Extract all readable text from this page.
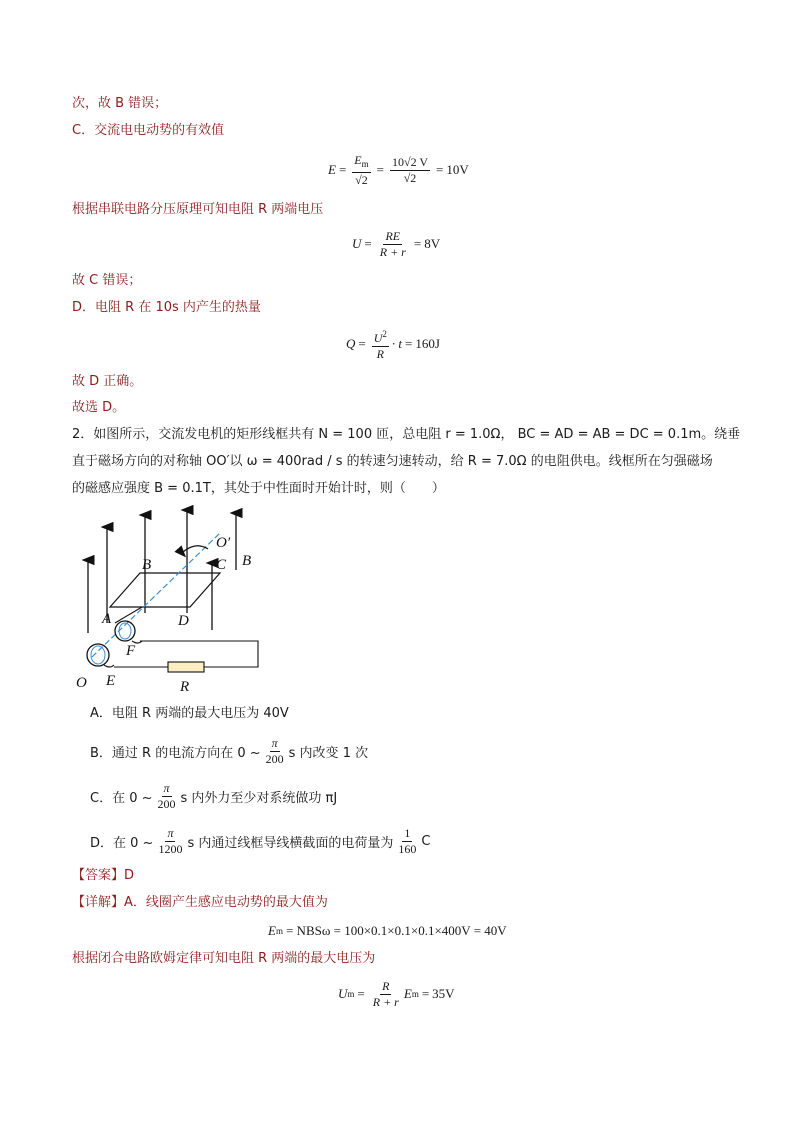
次，故 B 错误；
C．交流电电动势的有效值
$E = \frac{E_m}{√2} = \frac{10√2 V}{√2} = 10V$
根据串联电路分压原理可知电阻 R 两端电压
$U = \frac{RE}{R + r} = 8V$
故 C 错误；
D．电阻 R 在 10s 内产生的热量
$Q = \frac{U^2}{R} \cdot t = 160J$
故 D 正确。
故选 D。
2．如图所示，交流发电机的矩形线框共有 N = 100 匝，总电阻 r = 1.0Ω， BC = AD = AB = DC = 0.1m。绕垂
直于磁场方向的对称轴 OO′以 ω = 400rad / s 的转速匀速转动，给 R = 7.0Ω 的电阻供电。线框所在匀强磁场
的磁感应强度 B = 0.1T，其处于中性面时开始计时，则（　　）
B	B
C
O′
A	D
F
O E	R
A．电阻 R 两端的最大电压为 40V
B．通过 R 的电流方向在 0 ~ $\frac{\pi}{200}$ s 内改变 1 次
C．在 0 ~ $\frac{\pi}{200}$ s 内外力至少对系统做功 πJ
D．在 0 ~ $\frac{\pi}{1200}$ s 内通过线框导线横截面的电荷量为 $\frac{1}{160}$ C
【答案】D
【详解】A．线圈产生感应电动势的最大值为
E m = NBSω = 100×0.1×0.1×0.1×400V = 40V
根据闭合电路欧姆定律可知电阻 R 两端的最大电压为
U $m = \frac{R}{R + r}$ E m = 35V
